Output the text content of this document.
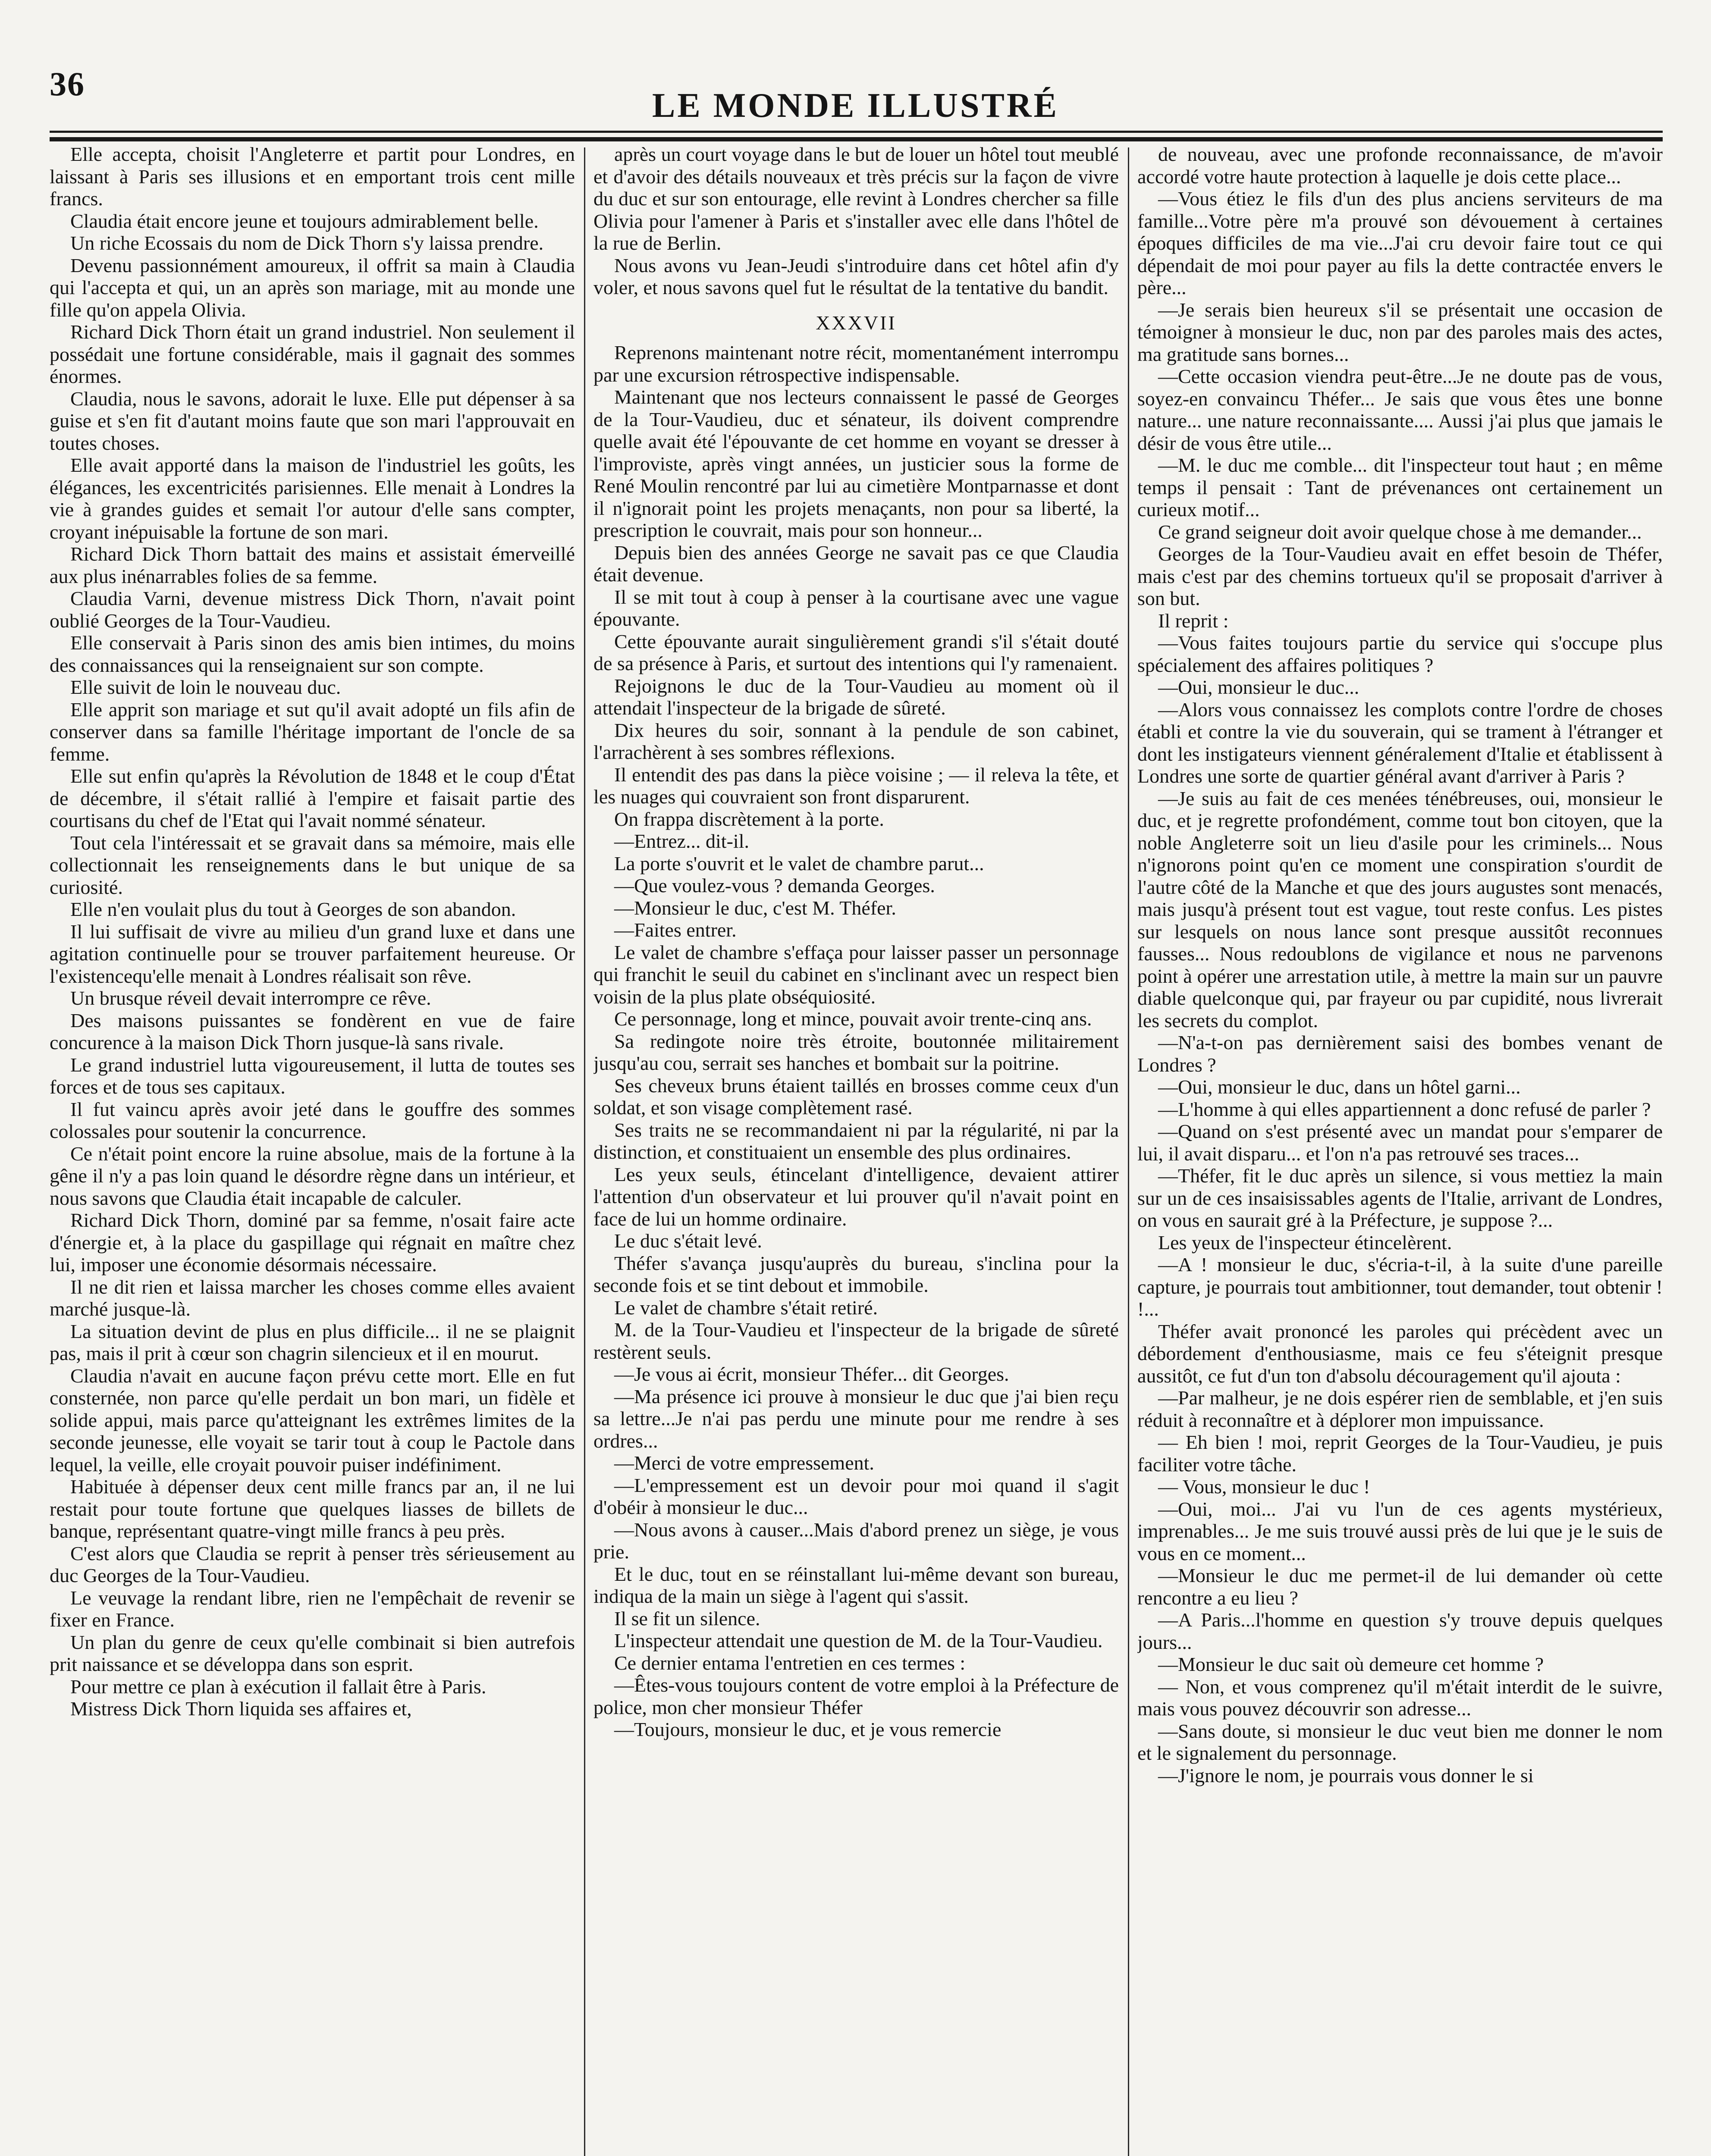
36
LE MONDE ILLUSTRÉ

Elle accepta, choisit l'Angleterre et partit pour Londres, en laissant à Paris ses illusions et en emportant trois cent mille francs.

Claudia était encore jeune et toujours admirablement belle.

Un riche Ecossais du nom de Dick Thorn s'y laissa prendre.

Devenu passionnément amoureux, il offrit sa main à Claudia qui l'accepta et qui, un an après son mariage, mit au monde une fille qu'on appela Olivia.

Richard Dick Thorn était un grand industriel. Non seulement il possédait une fortune considérable, mais il gagnait des sommes énormes.

Claudia, nous le savons, adorait le luxe. Elle put dépenser à sa guise et s'en fit d'autant moins faute que son mari l'approuvait en toutes choses.

Elle avait apporté dans la maison de l'industriel les goûts, les élégances, les excentricités parisiennes. Elle menait à Londres la vie à grandes guides et semait l'or autour d'elle sans compter, croyant inépuisable la fortune de son mari.

Richard Dick Thorn battait des mains et assistait émerveillé aux plus inénarrables folies de sa femme.

Claudia Varni, devenue mistress Dick Thorn, n'avait point oublié Georges de la Tour-Vaudieu.

Elle conservait à Paris sinon des amis bien intimes, du moins des connaissances qui la renseignaient sur son compte.

Elle suivit de loin le nouveau duc.

Elle apprit son mariage et sut qu'il avait adopté un fils afin de conserver dans sa famille l'héritage important de l'oncle de sa femme.

Elle sut enfin qu'après la Révolution de 1848 et le coup d'État de décembre, il s'était rallié à l'empire et faisait partie des courtisans du chef de l'Etat qui l'avait nommé sénateur.

Tout cela l'intéressait et se gravait dans sa mémoire, mais elle collectionnait les renseignements dans le but unique de sa curiosité.

Elle n'en voulait plus du tout à Georges de son abandon.

Il lui suffisait de vivre au milieu d'un grand luxe et dans une agitation continuelle pour se trouver parfaitement heureuse. Or l'existencequ'elle menait à Londres réalisait son rêve.

Un brusque réveil devait interrompre ce rêve.

Des maisons puissantes se fondèrent en vue de faire concurence à la maison Dick Thorn jusque-là sans rivale.

Le grand industriel lutta vigoureusement, il lutta de toutes ses forces et de tous ses capitaux.

Il fut vaincu après avoir jeté dans le gouffre des sommes colossales pour soutenir la concurrence.

Ce n'était point encore la ruine absolue, mais de la fortune à la gêne il n'y a pas loin quand le désordre règne dans un intérieur, et nous savons que Claudia était incapable de calculer.

Richard Dick Thorn, dominé par sa femme, n'osait faire acte d'énergie et, à la place du gaspillage qui régnait en maître chez lui, imposer une économie désormais nécessaire.

Il ne dit rien et laissa marcher les choses comme elles avaient marché jusque-là.

La situation devint de plus en plus difficile... il ne se plaignit pas, mais il prit à cœur son chagrin silencieux et il en mourut.

Claudia n'avait en aucune façon prévu cette mort. Elle en fut consternée, non parce qu'elle perdait un bon mari, un fidèle et solide appui, mais parce qu'atteignant les extrêmes limites de la seconde jeunesse, elle voyait se tarir tout à coup le Pactole dans lequel, la veille, elle croyait pouvoir puiser indéfiniment.

Habituée à dépenser deux cent mille francs par an, il ne lui restait pour toute fortune que quelques liasses de billets de banque, représentant quatre-vingt mille francs à peu près.

C'est alors que Claudia se reprit à penser très sérieusement au duc Georges de la Tour-Vaudieu.

Le veuvage la rendant libre, rien ne l'empêchait de revenir se fixer en France.

Un plan du genre de ceux qu'elle combinait si bien autrefois prit naissance et se développa dans son esprit.

Pour mettre ce plan à exécution il fallait être à Paris.

Mistress Dick Thorn liquida ses affaires et,

après un court voyage dans le but de louer un hôtel tout meublé et d'avoir des détails nouveaux et très précis sur la façon de vivre du duc et sur son entourage, elle revint à Londres chercher sa fille Olivia pour l'amener à Paris et s'installer avec elle dans l'hôtel de la rue de Berlin.

Nous avons vu Jean-Jeudi s'introduire dans cet hôtel afin d'y voler, et nous savons quel fut le résultat de la tentative du bandit.

XXXVII

Reprenons maintenant notre récit, momentanément interrompu par une excursion rétrospective indispensable.

Maintenant que nos lecteurs connaissent le passé de Georges de la Tour-Vaudieu, duc et sénateur, ils doivent comprendre quelle avait été l'épouvante de cet homme en voyant se dresser à l'improviste, après vingt années, un justicier sous la forme de René Moulin rencontré par lui au cimetière Montparnasse et dont il n'ignorait point les projets menaçants, non pour sa liberté, la prescription le couvrait, mais pour son honneur...

Depuis bien des années George ne savait pas ce que Claudia était devenue.

Il se mit tout à coup à penser à la courtisane avec une vague épouvante.

Cette épouvante aurait singulièrement grandi s'il s'était douté de sa présence à Paris, et surtout des intentions qui l'y ramenaient.

Rejoignons le duc de la Tour-Vaudieu au moment où il attendait l'inspecteur de la brigade de sûreté.

Dix heures du soir, sonnant à la pendule de son cabinet, l'arrachèrent à ses sombres réflexions.

Il entendit des pas dans la pièce voisine ; — il releva la tête, et les nuages qui couvraient son front disparurent.

On frappa discrètement à la porte.

—Entrez... dit-il.

La porte s'ouvrit et le valet de chambre parut...

—Que voulez-vous ? demanda Georges.

—Monsieur le duc, c'est M. Théfer.

—Faites entrer.

Le valet de chambre s'effaça pour laisser passer un personnage qui franchit le seuil du cabinet en s'inclinant avec un respect bien voisin de la plus plate obséquiosité.

Ce personnage, long et mince, pouvait avoir trente-cinq ans.

Sa redingote noire très étroite, boutonnée militairement jusqu'au cou, serrait ses hanches et bombait sur la poitrine.

Ses cheveux bruns étaient taillés en brosses comme ceux d'un soldat, et son visage complètement rasé.

Ses traits ne se recommandaient ni par la régularité, ni par la distinction, et constituaient un ensemble des plus ordinaires.

Les yeux seuls, étincelant d'intelligence, devaient attirer l'attention d'un observateur et lui prouver qu'il n'avait point en face de lui un homme ordinaire.

Le duc s'était levé.

Théfer s'avança jusqu'auprès du bureau, s'inclina pour la seconde fois et se tint debout et immobile.

Le valet de chambre s'était retiré.

M. de la Tour-Vaudieu et l'inspecteur de la brigade de sûreté restèrent seuls.

—Je vous ai écrit, monsieur Théfer... dit Georges.

—Ma présence ici prouve à monsieur le duc que j'ai bien reçu sa lettre...Je n'ai pas perdu une minute pour me rendre à ses ordres...

—Merci de votre empressement.

—L'empressement est un devoir pour moi quand il s'agit d'obéir à monsieur le duc...

—Nous avons à causer...Mais d'abord prenez un siège, je vous prie.

Et le duc, tout en se réinstallant lui-même devant son bureau, indiqua de la main un siège à l'agent qui s'assit.

Il se fit un silence.

L'inspecteur attendait une question de M. de la Tour-Vaudieu.

Ce dernier entama l'entretien en ces termes :

—Êtes-vous toujours content de votre emploi à la Préfecture de police, mon cher monsieur Théfer

—Toujours, monsieur le duc, et je vous remercie

de nouveau, avec une profonde reconnaissance, de m'avoir accordé votre haute protection à laquelle je dois cette place...

—Vous étiez le fils d'un des plus anciens serviteurs de ma famille...Votre père m'a prouvé son dévouement à certaines époques difficiles de ma vie...J'ai cru devoir faire tout ce qui dépendait de moi pour payer au fils la dette contractée envers le père...

—Je serais bien heureux s'il se présentait une occasion de témoigner à monsieur le duc, non par des paroles mais des actes, ma gratitude sans bornes...

—Cette occasion viendra peut-être...Je ne doute pas de vous, soyez-en convaincu Théfer... Je sais que vous êtes une bonne nature... une nature reconnaissante.... Aussi j'ai plus que jamais le désir de vous être utile...

—M. le duc me comble... dit l'inspecteur tout haut ; en même temps il pensait : Tant de prévenances ont certainement un curieux motif...

Ce grand seigneur doit avoir quelque chose à me demander...

Georges de la Tour-Vaudieu avait en effet besoin de Théfer, mais c'est par des chemins tortueux qu'il se proposait d'arriver à son but.

Il reprit :

—Vous faites toujours partie du service qui s'occupe plus spécialement des affaires politiques ?

—Oui, monsieur le duc...

—Alors vous connaissez les complots contre l'ordre de choses établi et contre la vie du souverain, qui se trament à l'étranger et dont les instigateurs viennent généralement d'Italie et établissent à Londres une sorte de quartier général avant d'arriver à Paris ?

—Je suis au fait de ces menées ténébreuses, oui, monsieur le duc, et je regrette profondément, comme tout bon citoyen, que la noble Angleterre soit un lieu d'asile pour les criminels... Nous n'ignorons point qu'en ce moment une conspiration s'ourdit de l'autre côté de la Manche et que des jours augustes sont menacés, mais jusqu'à présent tout est vague, tout reste confus. Les pistes sur lesquels on nous lance sont presque aussitôt reconnues fausses... Nous redoublons de vigilance et nous ne parvenons point à opérer une arrestation utile, à mettre la main sur un pauvre diable quelconque qui, par frayeur ou par cupidité, nous livrerait les secrets du complot.

—N'a-t-on pas dernièrement saisi des bombes venant de Londres ?

—Oui, monsieur le duc, dans un hôtel garni...

—L'homme à qui elles appartiennent a donc refusé de parler ?

—Quand on s'est présenté avec un mandat pour s'emparer de lui, il avait disparu... et l'on n'a pas retrouvé ses traces...

—Théfer, fit le duc après un silence, si vous mettiez la main sur un de ces insaisissables agents de l'Italie, arrivant de Londres, on vous en saurait gré à la Préfecture, je suppose ?...

Les yeux de l'inspecteur étincelèrent.

—A ! monsieur le duc, s'écria-t-il, à la suite d'une pareille capture, je pourrais tout ambitionner, tout demander, tout obtenir ! !...

Théfer avait prononcé les paroles qui précèdent avec un débordement d'enthousiasme, mais ce feu s'éteignit presque aussitôt, ce fut d'un ton d'absolu découragement qu'il ajouta :

—Par malheur, je ne dois espérer rien de semblable, et j'en suis réduit à reconnaître et à déplorer mon impuissance.

— Eh bien ! moi, reprit Georges de la Tour-Vaudieu, je puis faciliter votre tâche.

— Vous, monsieur le duc !

—Oui, moi... J'ai vu l'un de ces agents mystérieux, imprenables... Je me suis trouvé aussi près de lui que je le suis de vous en ce moment...

—Monsieur le duc me permet-il de lui demander où cette rencontre a eu lieu ?

—A Paris...l'homme en question s'y trouve depuis quelques jours...

—Monsieur le duc sait où demeure cet homme ?

— Non, et vous comprenez qu'il m'était interdit de le suivre, mais vous pouvez découvrir son adresse...

—Sans doute, si monsieur le duc veut bien me donner le nom et le signalement du personnage.

—J'ignore le nom, je pourrais vous donner le si
